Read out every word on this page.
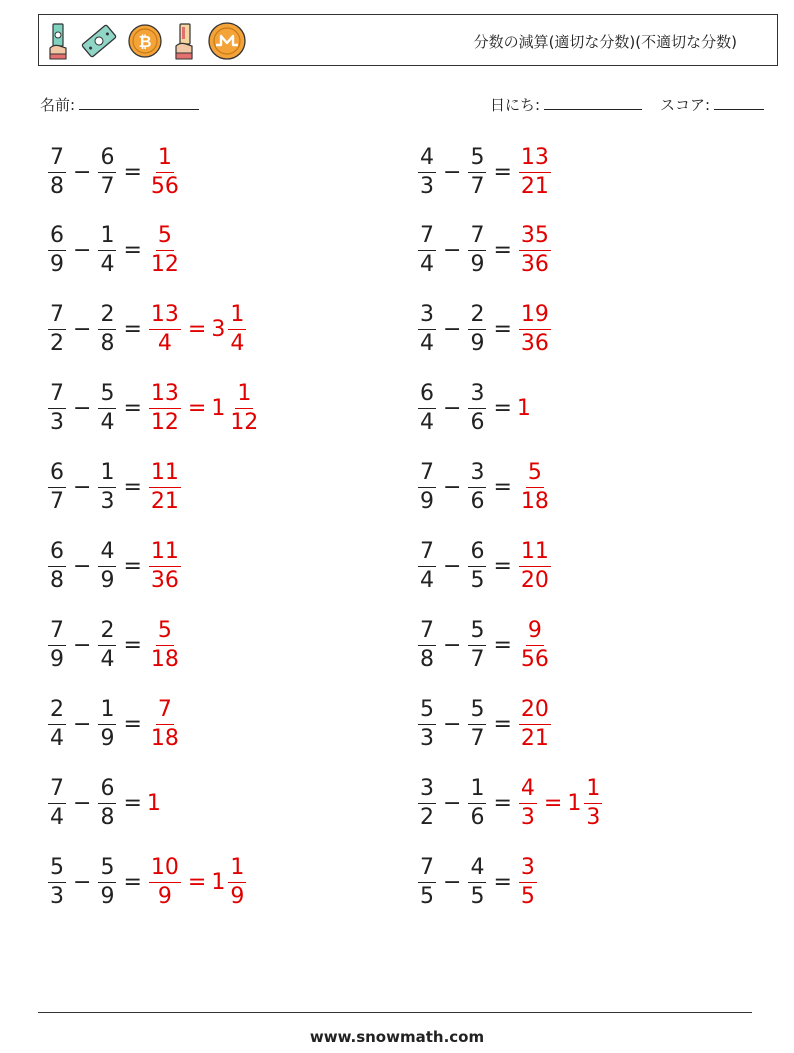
₿	分数の減算(適切な分数)(不適切な分数)
名前:	日にち:	スコア:
$\frac{7}{8} - \frac{6}{7} = \frac{1}{56}$
$\frac{6}{9} - \frac{1}{4} = \frac{5}{12}$
$\frac{7}{2} - \frac{2}{8} = \frac{13}{4} = 3 \frac{1}{4}$
$\frac{7}{3} - \frac{5}{4} = \frac{13}{12} = 1 \frac{1}{12}$
$\frac{6}{7} - \frac{1}{3} = \frac{11}{21}$
$\frac{6}{8} - \frac{4}{9} = \frac{11}{36}$
$\frac{7}{9} - \frac{2}{4} = \frac{5}{18}$
$\frac{2}{4} - \frac{1}{9} = \frac{7}{18}$
$\frac{7}{4} - \frac{6}{8} = 1$
$\frac{5}{3} - \frac{5}{9} = \frac{10}{9} = 1 \frac{1}{9}$
$\frac{4}{3} - \frac{5}{7} = \frac{13}{21}$
$\frac{7}{4} - \frac{7}{9} = \frac{35}{36}$
$\frac{3}{4} - \frac{2}{9} = \frac{19}{36}$
$\frac{6}{4} - \frac{3}{6} = 1$
$\frac{7}{9} - \frac{3}{6} = \frac{5}{18}$
$\frac{7}{4} - \frac{6}{5} = \frac{11}{20}$
$\frac{7}{8} - \frac{5}{7} = \frac{9}{56}$
$\frac{5}{3} - \frac{5}{7} = \frac{20}{21}$
$\frac{3}{2} - \frac{1}{6} = \frac{4}{3} = 1 \frac{1}{3}$
$\frac{7}{5} - \frac{4}{5} = \frac{3}{5}$
www.snowmath.com
